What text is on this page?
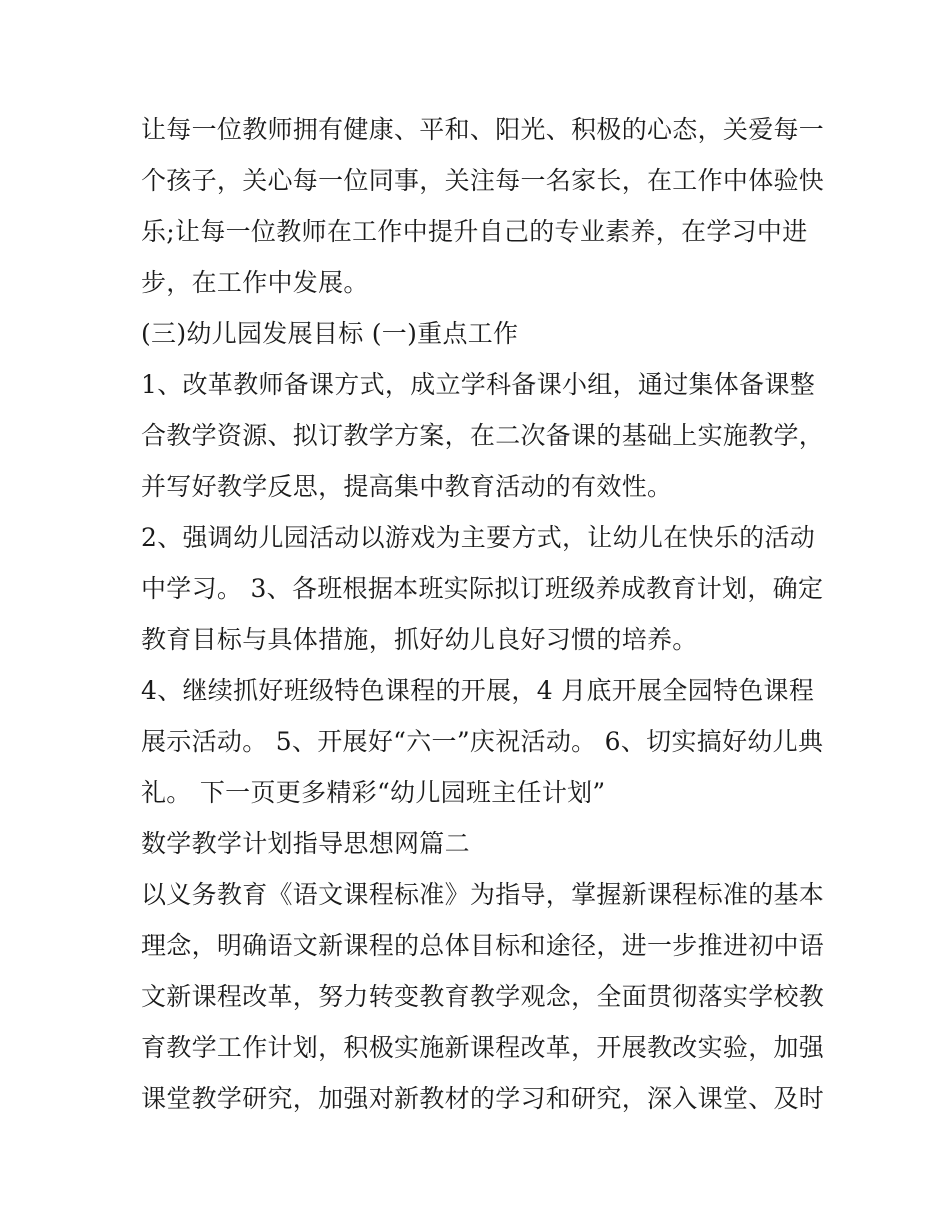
让每一位教师拥有健康、平和、阳光、积极的心态，关爱每一
个孩子，关心每一位同事，关注每一名家长，在工作中体验快
乐;让每一位教师在工作中提升自己的专业素养，在学习中进
步，在工作中发展。
(三)幼儿园发展目标 (一)重点工作
1、改革教师备课方式，成立学科备课小组，通过集体备课整
合教学资源、拟订教学方案，在二次备课的基础上实施教学，
并写好教学反思，提高集中教育活动的有效性。
2、强调幼儿园活动以游戏为主要方式，让幼儿在快乐的活动
中学习。 3、各班根据本班实际拟订班级养成教育计划，确定
教育目标与具体措施，抓好幼儿良好习惯的培养。
4、继续抓好班级特色课程的开展，4 月底开展全园特色课程
展示活动。 5、开展好“六一”庆祝活动。 6、切实搞好幼儿典
礼。 下一页更多精彩“幼儿园班主任计划”
数学教学计划指导思想网篇二
以义务教育《语文课程标准》为指导，掌握新课程标准的基本
理念，明确语文新课程的总体目标和途径，进一步推进初中语
文新课程改革，努力转变教育教学观念，全面贯彻落实学校教
育教学工作计划，积极实施新课程改革，开展教改实验，加强
课堂教学研究，加强对新教材的学习和研究，深入课堂、及时
